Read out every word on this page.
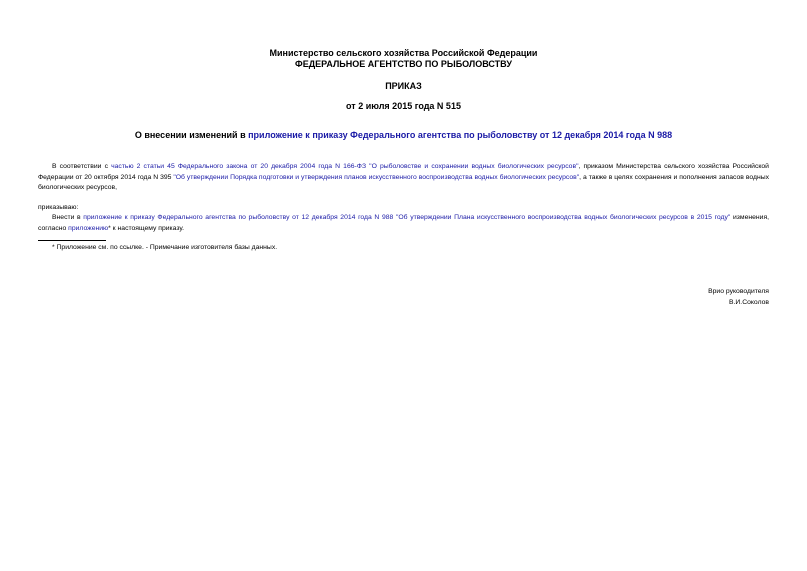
Министерство сельского хозяйства Российской Федерации
ФЕДЕРАЛЬНОЕ АГЕНТСТВО ПО РЫБОЛОВСТВУ
ПРИКАЗ
от 2 июля 2015 года N 515
О внесении изменений в приложение к приказу Федерального агентства по рыболовству от 12 декабря 2014 года N 988
В соответствии с частью 2 статьи 45 Федерального закона от 20 декабря 2004 года N 166-ФЗ "О рыболовстве и сохранении водных биологических ресурсов", приказом Министерства сельского хозяйства Российской Федерации от 20 октября 2014 года N 395 "Об утверждении Порядка подготовки и утверждения планов искусственного воспроизводства водных биологических ресурсов", а также в целях сохранения и пополнения запасов водных биологических ресурсов,
приказываю:
Внести в приложение к приказу Федерального агентства по рыболовству от 12 декабря 2014 года N 988 "Об утверждении Плана искусственного воспроизводства водных биологических ресурсов в 2015 году" изменения, согласно приложению* к настоящему приказу.
* Приложение см. по ссылке. - Примечание изготовителя базы данных.
Врио руководителя
В.И.Соколов
